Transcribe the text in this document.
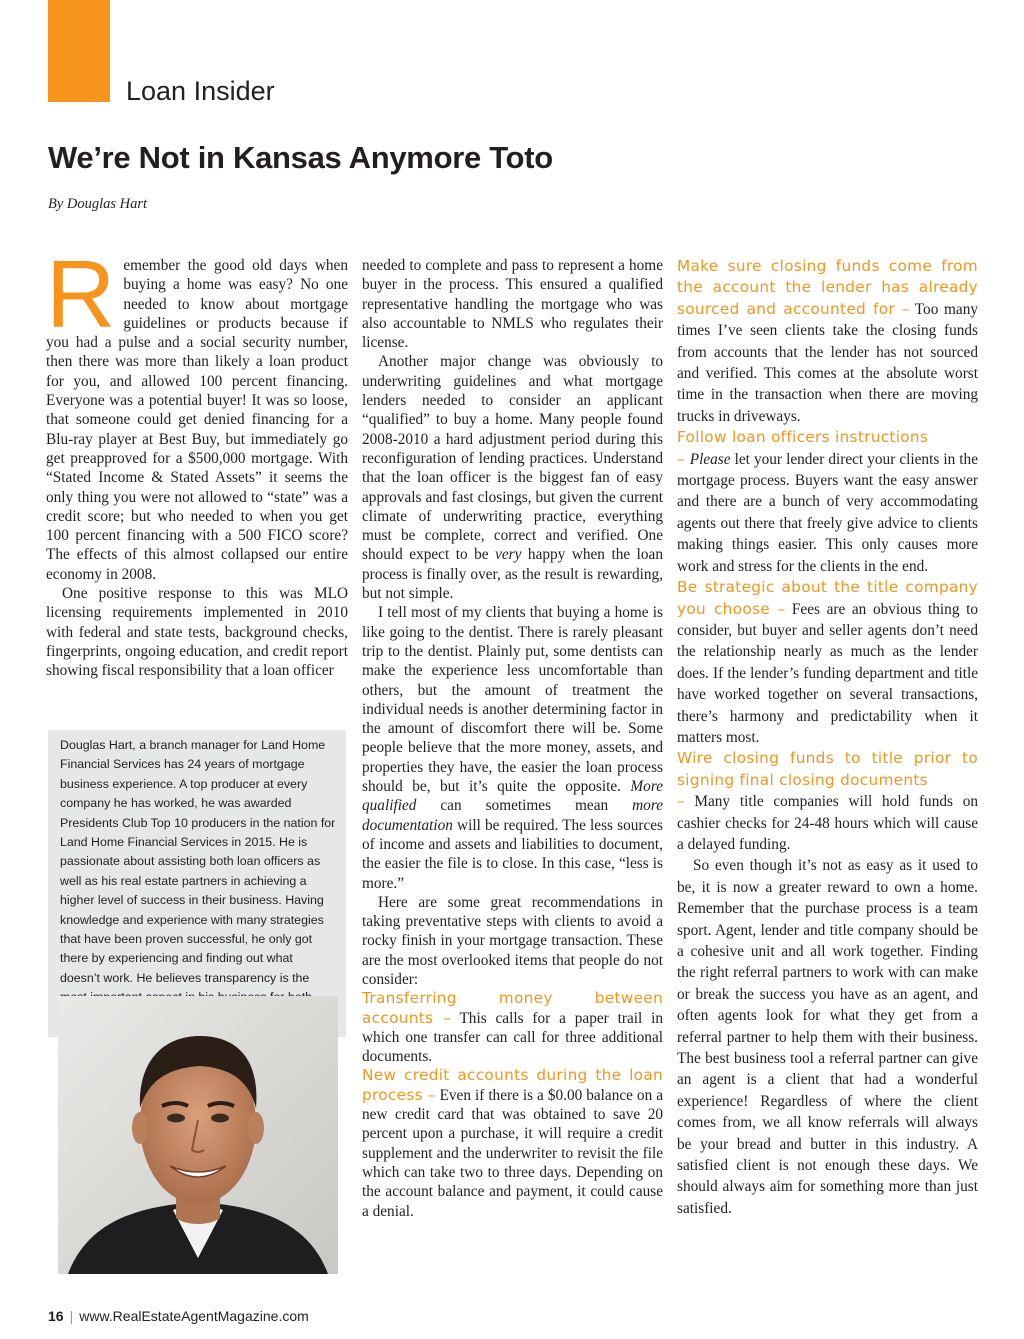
Loan Insider
We’re Not in Kansas Anymore Toto
By Douglas Hart

Remember the good old days when buying a home was easy? No one needed to know about mortgage guidelines or products because if you had a pulse and a social security number, then there was more than likely a loan product for you, and allowed 100 percent financing. Everyone was a potential buyer! It was so loose, that someone could get denied financing for a Blu-ray player at Best Buy, but immediately go get preapproved for a $500,000 mortgage. With “Stated Income & Stated Assets” it seems the only thing you were not allowed to “state” was a credit score; but who needed to when you get 100 percent financing with a 500 FICO score? The effects of this almost collapsed our entire economy in 2008.

One positive response to this was MLO licensing requirements implemented in 2010 with federal and state tests, background checks, fingerprints, ongoing education, and credit report showing fiscal responsibility that a loan officer

Douglas Hart, a branch manager for Land Home Financial Services has 24 years of mortgage business experience. A top producer at every company he has worked, he was awarded Presidents Club Top 10 producers in the nation for Land Home Financial Services in 2015. He is passionate about assisting both loan officers as well as his real estate partners in achieving a higher level of success in their business. Having knowledge and experience with many strategies that have been proven successful, he only got there by experiencing and finding out what doesn’t work. He believes transparency is the

needed to complete and pass to represent a home buyer in the process. This ensured a qualified representative handling the mortgage who was also accountable to NMLS who regulates their license.

Another major change was obviously to underwriting guidelines and what mortgage lenders needed to consider an applicant “qualified” to buy a home. Many people found 2008-2010 a hard adjustment period during this reconfiguration of lending practices. Understand that the loan officer is the biggest fan of easy approvals and fast closings, but given the current climate of underwriting practice, everything must be complete, correct and verified. One should expect to be very happy when the loan process is finally over, as the result is rewarding, but not simple.

I tell most of my clients that buying a home is like going to the dentist. There is rarely pleasant trip to the dentist. Plainly put, some dentists can make the experience less uncomfortable than others, but the amount of treatment the individual needs is another determining factor in the amount of discomfort there will be. Some people believe that the more money, assets, and properties they have, the easier the loan process should be, but it’s quite the opposite. More qualified can sometimes mean more documentation will be required. The less sources of income and assets and liabilities to document, the easier the file is to close. In this case, “less is more.”

Here are some great recommendations in taking preventative steps with clients to avoid a rocky finish in your mortgage transaction. These are the most overlooked items that people do not consider:

Transferring money between accounts – This calls for a paper trail in which one transfer can call for three additional documents.

New credit accounts during the loan process – Even if there is a $0.00 balance on a new credit card that was obtained to save 20 percent upon a purchase, it will require a credit supplement and the underwriter to revisit the file which can take two to three days. Depending on the account balance and payment, it could cause a denial.

Make sure closing funds come from the account the lender has already sourced and accounted for – Too many times I’ve seen clients take the closing funds from accounts that the lender has not sourced and verified. This comes at the absolute worst time in the transaction when there are moving trucks in driveways.

Follow loan officers instructions
– Please let your lender direct your clients in the mortgage process. Buyers want the easy answer and there are a bunch of very accommodating agents out there that freely give advice to clients making things easier. This only causes more work and stress for the clients in the end.

Be strategic about the title company you choose – Fees are an obvious thing to consider, but buyer and seller agents don’t need the relationship nearly as much as the lender does. If the lender’s funding department and title have worked together on several transactions, there’s harmony and predictability when it matters most.

Wire closing funds to title prior to signing final closing documents
– Many title companies will hold funds on cashier checks for 24-48 hours which will cause a delayed funding.

So even though it’s not as easy as it used to be, it is now a greater reward to own a home. Remember that the purchase process is a team sport. Agent, lender and title company should be a cohesive unit and all work together. Finding the right referral partners to work with can make or break the success you have as an agent, and often agents look for what they get from a referral partner to help them with their business. The best business tool a referral partner can give an agent is a client that had a wonderful experience! Regardless of where the client comes from, we all know referrals will always be your bread and butter in this industry. A satisfied client is not enough these days. We should always aim for something more than just satisfied.

16 | www.RealEstateAgentMagazine.com
